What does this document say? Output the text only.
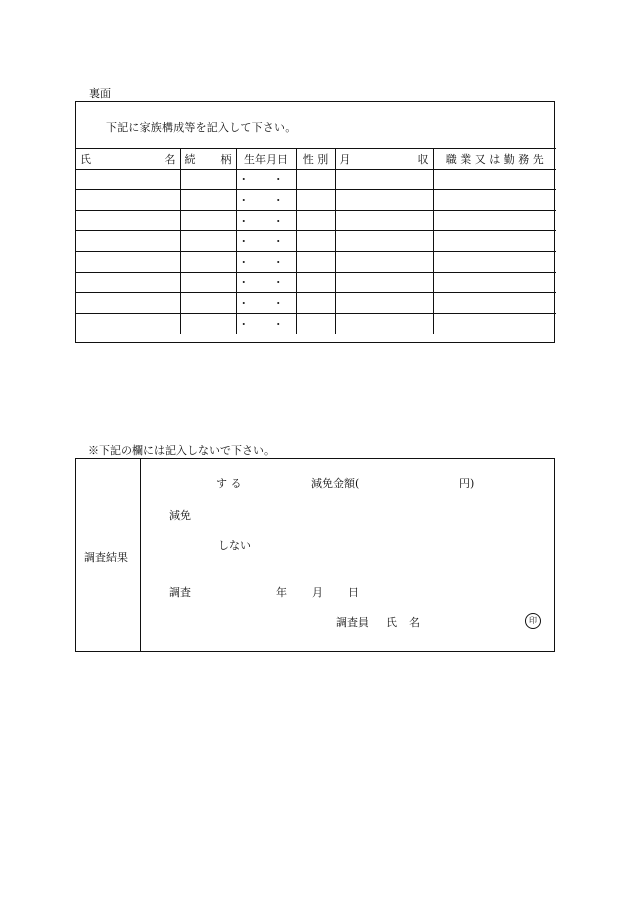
裏面
下記に家族構成等を記入して下さい。
氏 名	続 柄	生年月日	性 別	月 収	職 業 又 は 勤 務 先
		・ ・			
		・ ・			
		・ ・			
		・ ・			
		・ ・			
		・ ・			
		・ ・			
		・ ・			
※下記の欄には記入しないで下さい。
調査結果
す る	減免金額(	円)
減免
しない
調査	年 月 日
調査員 氏 名	印
